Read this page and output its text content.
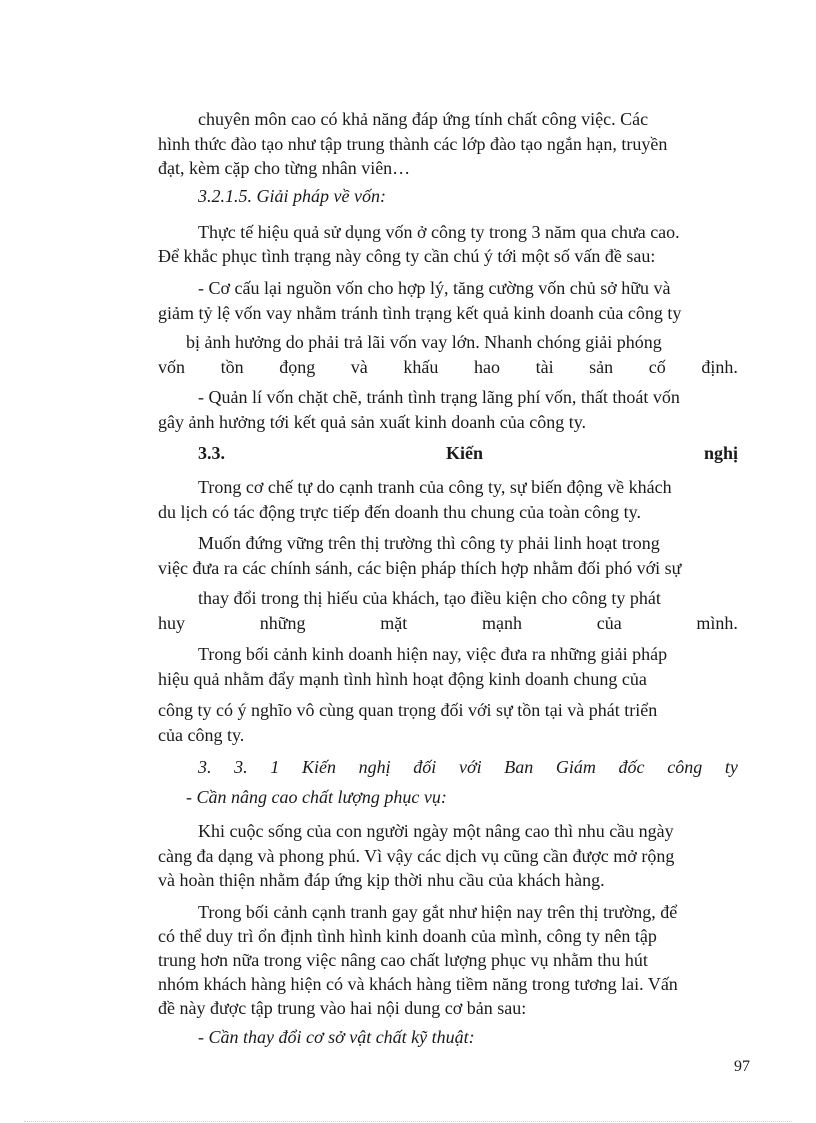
chuyên môn cao có khả năng đáp ứng tính chất công việc. Các
hình thức đào tạo như tập trung thành các lớp đào tạo ngắn hạn, truyền
đạt, kèm cặp cho từng nhân viên…
3.2.1.5. Giải pháp về vốn:
Thực tế hiệu quả sử dụng vốn ở công ty trong 3 năm qua chưa cao.
Để khắc phục tình trạng này công ty cần chú ý tới một số vấn đề sau:
- Cơ cấu lại nguồn vốn cho hợp lý, tăng cường vốn chủ sở hữu và
giảm tỷ lệ vốn vay nhằm tránh tình trạng kết quả kinh doanh của công ty
bị ảnh hưởng do phải trả lãi vốn vay lớn. Nhanh chóng giải phóng
vốn tồn đọng và khấu hao tài sản cố định.
- Quản lí vốn chặt chẽ, tránh tình trạng lãng phí vốn, thất thoát vốn
gây ảnh hưởng tới kết quả sản xuất kinh doanh của công ty.
3.3.	Kiến	nghị
Trong cơ chế tự do cạnh tranh của công ty, sự biến động về khách
du lịch có tác động trực tiếp đến doanh thu chung của toàn công ty.
Muốn đứng vững trên thị trường thì công ty phải linh hoạt trong
việc đưa ra các chính sánh, các biện pháp thích hợp nhằm đối phó với sự
thay đổi trong thị hiếu của khách, tạo điều kiện cho công ty phát
huy	những	mặt	mạnh	của	mình.
Trong bối cảnh kinh doanh hiện nay, việc đưa ra những giải pháp
hiệu quả nhằm đẩy mạnh tình hình hoạt động kinh doanh chung của
công ty có ý nghĩo vô cùng quan trọng đối với sự tồn tại và phát triển
của công ty.
3. 3. 1 Kiến nghị đối với Ban Giám đốc công ty
- Cần nâng cao chất lượng phục vụ:
Khi cuộc sống của con người ngày một nâng cao thì nhu cầu ngày
càng đa dạng và phong phú. Vì vậy các dịch vụ cũng cần được mở rộng
và hoàn thiện nhằm đáp ứng kịp thời nhu cầu của khách hàng.
Trong bối cảnh cạnh tranh gay gắt như hiện nay trên thị trường, để
có thể duy trì ổn định tình hình kinh doanh của mình, công ty nên tập
trung hơn nữa trong việc nâng cao chất lượng phục vụ nhằm thu hút
nhóm khách hàng hiện có và khách hàng tiềm năng trong tương lai. Vấn
đề này được tập trung vào hai nội dung cơ bản sau:
- Cần thay đổi cơ sở vật chất kỹ thuật:
97
